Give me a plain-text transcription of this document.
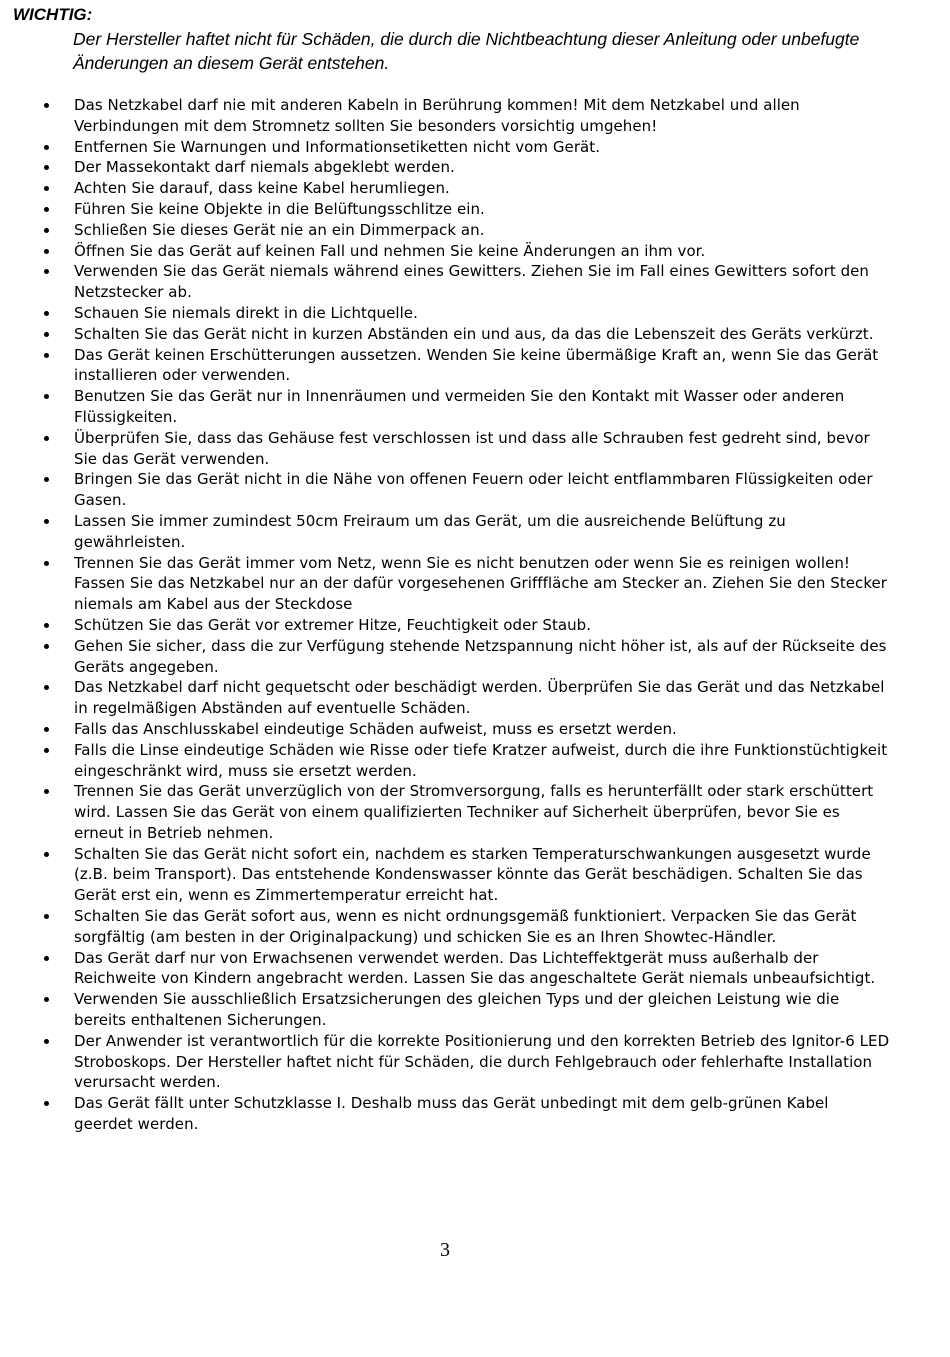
WICHTIG:

Der Hersteller haftet nicht für Schäden, die durch die Nichtbeachtung dieser Anleitung oder unbefugte Änderungen an diesem Gerät entstehen.

Das Netzkabel darf nie mit anderen Kabeln in Berührung kommen! Mit dem Netzkabel und allen Verbindungen mit dem Stromnetz sollten Sie besonders vorsichtig umgehen!
Entfernen Sie Warnungen und Informationsetiketten nicht vom Gerät.
Der Massekontakt darf niemals abgeklebt werden.
Achten Sie darauf, dass keine Kabel herumliegen.
Führen Sie keine Objekte in die Belüftungsschlitze ein.
Schließen Sie dieses Gerät nie an ein Dimmerpack an.
Öffnen Sie das Gerät auf keinen Fall und nehmen Sie keine Änderungen an ihm vor.
Verwenden Sie das Gerät niemals während eines Gewitters. Ziehen Sie im Fall eines Gewitters sofort den Netzstecker ab.
Schauen Sie niemals direkt in die Lichtquelle.
Schalten Sie das Gerät nicht in kurzen Abständen ein und aus, da das die Lebenszeit des Geräts verkürzt.
Das Gerät keinen Erschütterungen aussetzen. Wenden Sie keine übermäßige Kraft an, wenn Sie das Gerät installieren oder verwenden.
Benutzen Sie das Gerät nur in Innenräumen und vermeiden Sie den Kontakt mit Wasser oder anderen Flüssigkeiten.
Überprüfen Sie, dass das Gehäuse fest verschlossen ist und dass alle Schrauben fest gedreht sind, bevor Sie das Gerät verwenden.
Bringen Sie das Gerät nicht in die Nähe von offenen Feuern oder leicht entflammbaren Flüssigkeiten oder Gasen.
Lassen Sie immer zumindest 50cm Freiraum um das Gerät, um die ausreichende Belüftung zu gewährleisten.
Trennen Sie das Gerät immer vom Netz, wenn Sie es nicht benutzen oder wenn Sie es reinigen wollen! Fassen Sie das Netzkabel nur an der dafür vorgesehenen Grifffläche am Stecker an. Ziehen Sie den Stecker niemals am Kabel aus der Steckdose
Schützen Sie das Gerät vor extremer Hitze, Feuchtigkeit oder Staub.
Gehen Sie sicher, dass die zur Verfügung stehende Netzspannung nicht höher ist, als auf der Rückseite des Geräts angegeben.
Das Netzkabel darf nicht gequetscht oder beschädigt werden. Überprüfen Sie das Gerät und das Netzkabel in regelmäßigen Abständen auf eventuelle Schäden.
Falls das Anschlusskabel eindeutige Schäden aufweist, muss es ersetzt werden.
Falls die Linse eindeutige Schäden wie Risse oder tiefe Kratzer aufweist, durch die ihre Funktionstüchtigkeit eingeschränkt wird, muss sie ersetzt werden.
Trennen Sie das Gerät unverzüglich von der Stromversorgung, falls es herunterfällt oder stark erschüttert wird. Lassen Sie das Gerät von einem qualifizierten Techniker auf Sicherheit überprüfen, bevor Sie es erneut in Betrieb nehmen.
Schalten Sie das Gerät nicht sofort ein, nachdem es starken Temperaturschwankungen ausgesetzt wurde (z.B. beim Transport). Das entstehende Kondenswasser könnte das Gerät beschädigen. Schalten Sie das Gerät erst ein, wenn es Zimmertemperatur erreicht hat.
Schalten Sie das Gerät sofort aus, wenn es nicht ordnungsgemäß funktioniert. Verpacken Sie das Gerät sorgfältig (am besten in der Originalpackung) und schicken Sie es an Ihren Showtec-Händler.
Das Gerät darf nur von Erwachsenen verwendet werden. Das Lichteffektgerät muss außerhalb der Reichweite von Kindern angebracht werden. Lassen Sie das angeschaltete Gerät niemals unbeaufsichtigt.
Verwenden Sie ausschließlich Ersatzsicherungen des gleichen Typs und der gleichen Leistung wie die bereits enthaltenen Sicherungen.
Der Anwender ist verantwortlich für die korrekte Positionierung und den korrekten Betrieb des Ignitor-6 LED Stroboskops. Der Hersteller haftet nicht für Schäden, die durch Fehlgebrauch oder fehlerhafte Installation verursacht werden.
Das Gerät fällt unter Schutzklasse I. Deshalb muss das Gerät unbedingt mit dem gelb-grünen Kabel geerdet werden.
3
